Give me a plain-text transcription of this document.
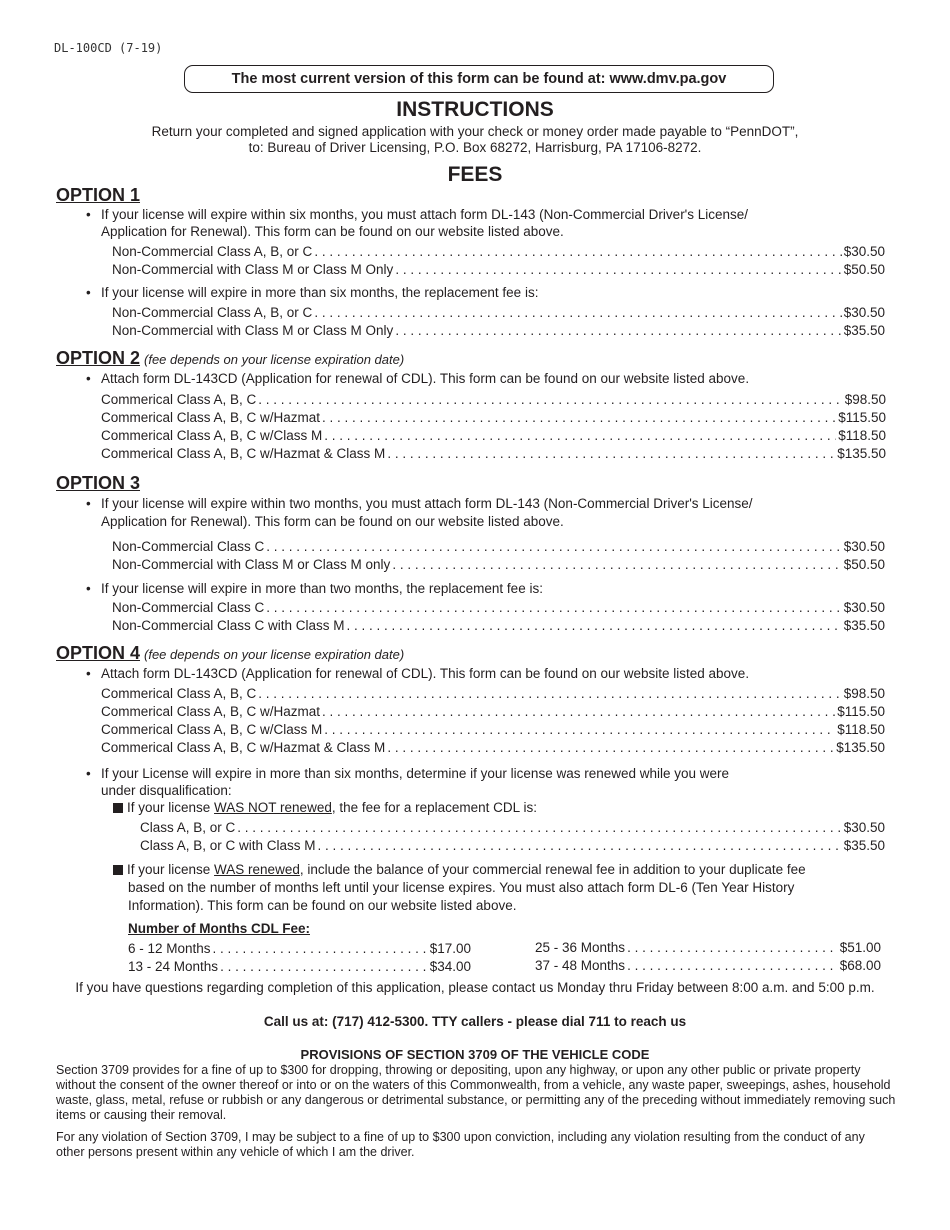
DL-100CD (7-19)
The most current version of this form can be found at: www.dmv.pa.gov
INSTRUCTIONS
Return your completed and signed application with your check or money order made payable to “PennDOT”,
to: Bureau of Driver Licensing, P.O. Box 68272, Harrisburg, PA 17106-8272.
FEES
OPTION 1
• If your license will expire within six months, you must attach form DL-143 (Non-Commercial Driver's License/
Application for Renewal). This form can be found on our website listed above.
Non-Commercial Class A, B, or C . . .	$30.50
Non-Commercial with Class M or Class M Only . . .	$50.50
• If your license will expire in more than six months, the replacement fee is:
Non-Commercial Class A, B, or C . . .	$30.50
Non-Commercial with Class M or Class M Only . . .	$35.50
OPTION 2 (fee depends on your license expiration date)
• Attach form DL-143CD (Application for renewal of CDL). This form can be found on our website listed above.
Commerical Class A, B, C . . .	$98.50
Commerical Class A, B, C w/Hazmat . . .	$115.50
Commerical Class A, B, C w/Class M . . .	$118.50
Commerical Class A, B, C w/Hazmat & Class M . . .	$135.50
OPTION 3
• If your license will expire within two months, you must attach form DL-143 (Non-Commercial Driver's License/
Application for Renewal). This form can be found on our website listed above.
Non-Commercial Class C . . .	$30.50
Non-Commercial with Class M or Class M only . . .	$50.50
• If your license will expire in more than two months, the replacement fee is:
Non-Commercial Class C . . .	$30.50
Non-Commercial Class C with Class M . . .	$35.50
OPTION 4 (fee depends on your license expiration date)
• Attach form DL-143CD (Application for renewal of CDL). This form can be found on our website listed above.
Commerical Class A, B, C . . .	$98.50
Commerical Class A, B, C w/Hazmat . . .	$115.50
Commerical Class A, B, C w/Class M . . .	$118.50
Commerical Class A, B, C w/Hazmat & Class M . . .	$135.50
• If your License will expire in more than six months, determine if your license was renewed while you were
under disqualification:
If your license WAS NOT renewed, the fee for a replacement CDL is:
Class A, B, or C . . .	$30.50
Class A, B, or C with Class M . . .	$35.50
If your license WAS renewed, include the balance of your commercial renewal fee in addition to your duplicate fee
based on the number of months left until your license expires. You must also attach form DL-6 (Ten Year History
Information). This form can be found on our website listed above.
Number of Months CDL Fee:
6 - 12 Months . . .	$17.00
13 - 24 Months . . .	$34.00
25 - 36 Months . . .	$51.00
37 - 48 Months . . .	$68.00
If you have questions regarding completion of this application, please contact us Monday thru Friday between 8:00 a.m. and 5:00 p.m.
Call us at: (717) 412-5300. TTY callers - please dial 711 to reach us
PROVISIONS OF SECTION 3709 OF THE VEHICLE CODE
Section 3709 provides for a fine of up to $300 for dropping, throwing or depositing, upon any highway, or upon any other public or private property without the consent of the owner thereof or into or on the waters of this Commonwealth, from a vehicle, any waste paper, sweepings, ashes, household waste, glass, metal, refuse or rubbish or any dangerous or detrimental substance, or permitting any of the preceding without immediately removing such items or causing their removal.
For any violation of Section 3709, I may be subject to a fine of up to $300 upon conviction, including any violation resulting from the conduct of any other persons present within any vehicle of which I am the driver.
